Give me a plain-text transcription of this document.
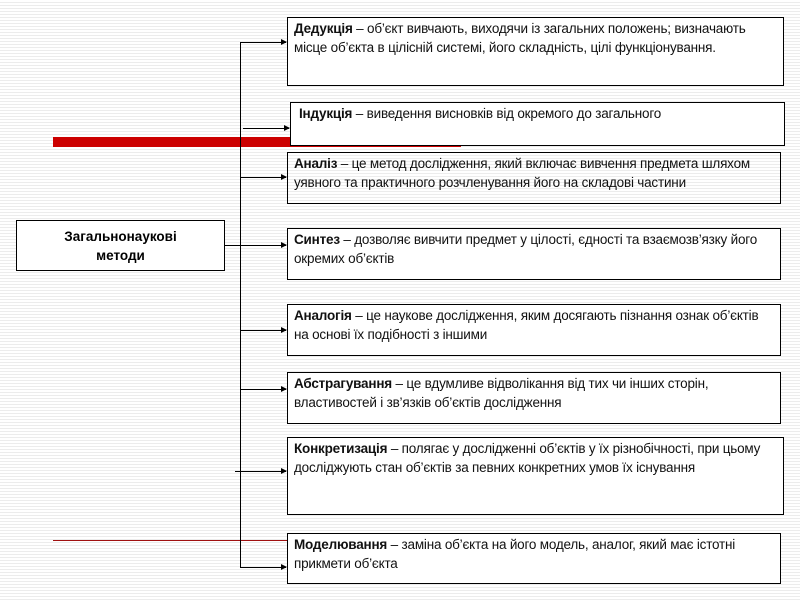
Загальнонаукові методи
Дедукція – об’єкт вивчають, виходячи із загальних положень; визначають місце об’єкта в цілісній системі, його складність, цілі функціонування.
Індукція – виведення висновків від окремого до загального
Аналіз – це метод дослідження, який включає вивчення предмета шляхом уявного та практичного розчленування його на складові частини
Синтез – дозволяє вивчити предмет у цілості, єдності та взаємозв’язку його окремих об’єктів
Аналогія – це наукове дослідження, яким досягають пізнання ознак об’єктів на основі їх подібності з іншими
Абстрагування – це вдумливе відволікання від тих чи інших сторін, властивостей і зв’язків об’єктів дослідження
Конкретизація – полягає у дослідженні об’єктів у їх різнобічності, при цьому досліджують стан об’єктів за певних конкретних умов їх існування
Моделювання – заміна об’єкта на його модель, аналог, який має істотні прикмети об’єкта
